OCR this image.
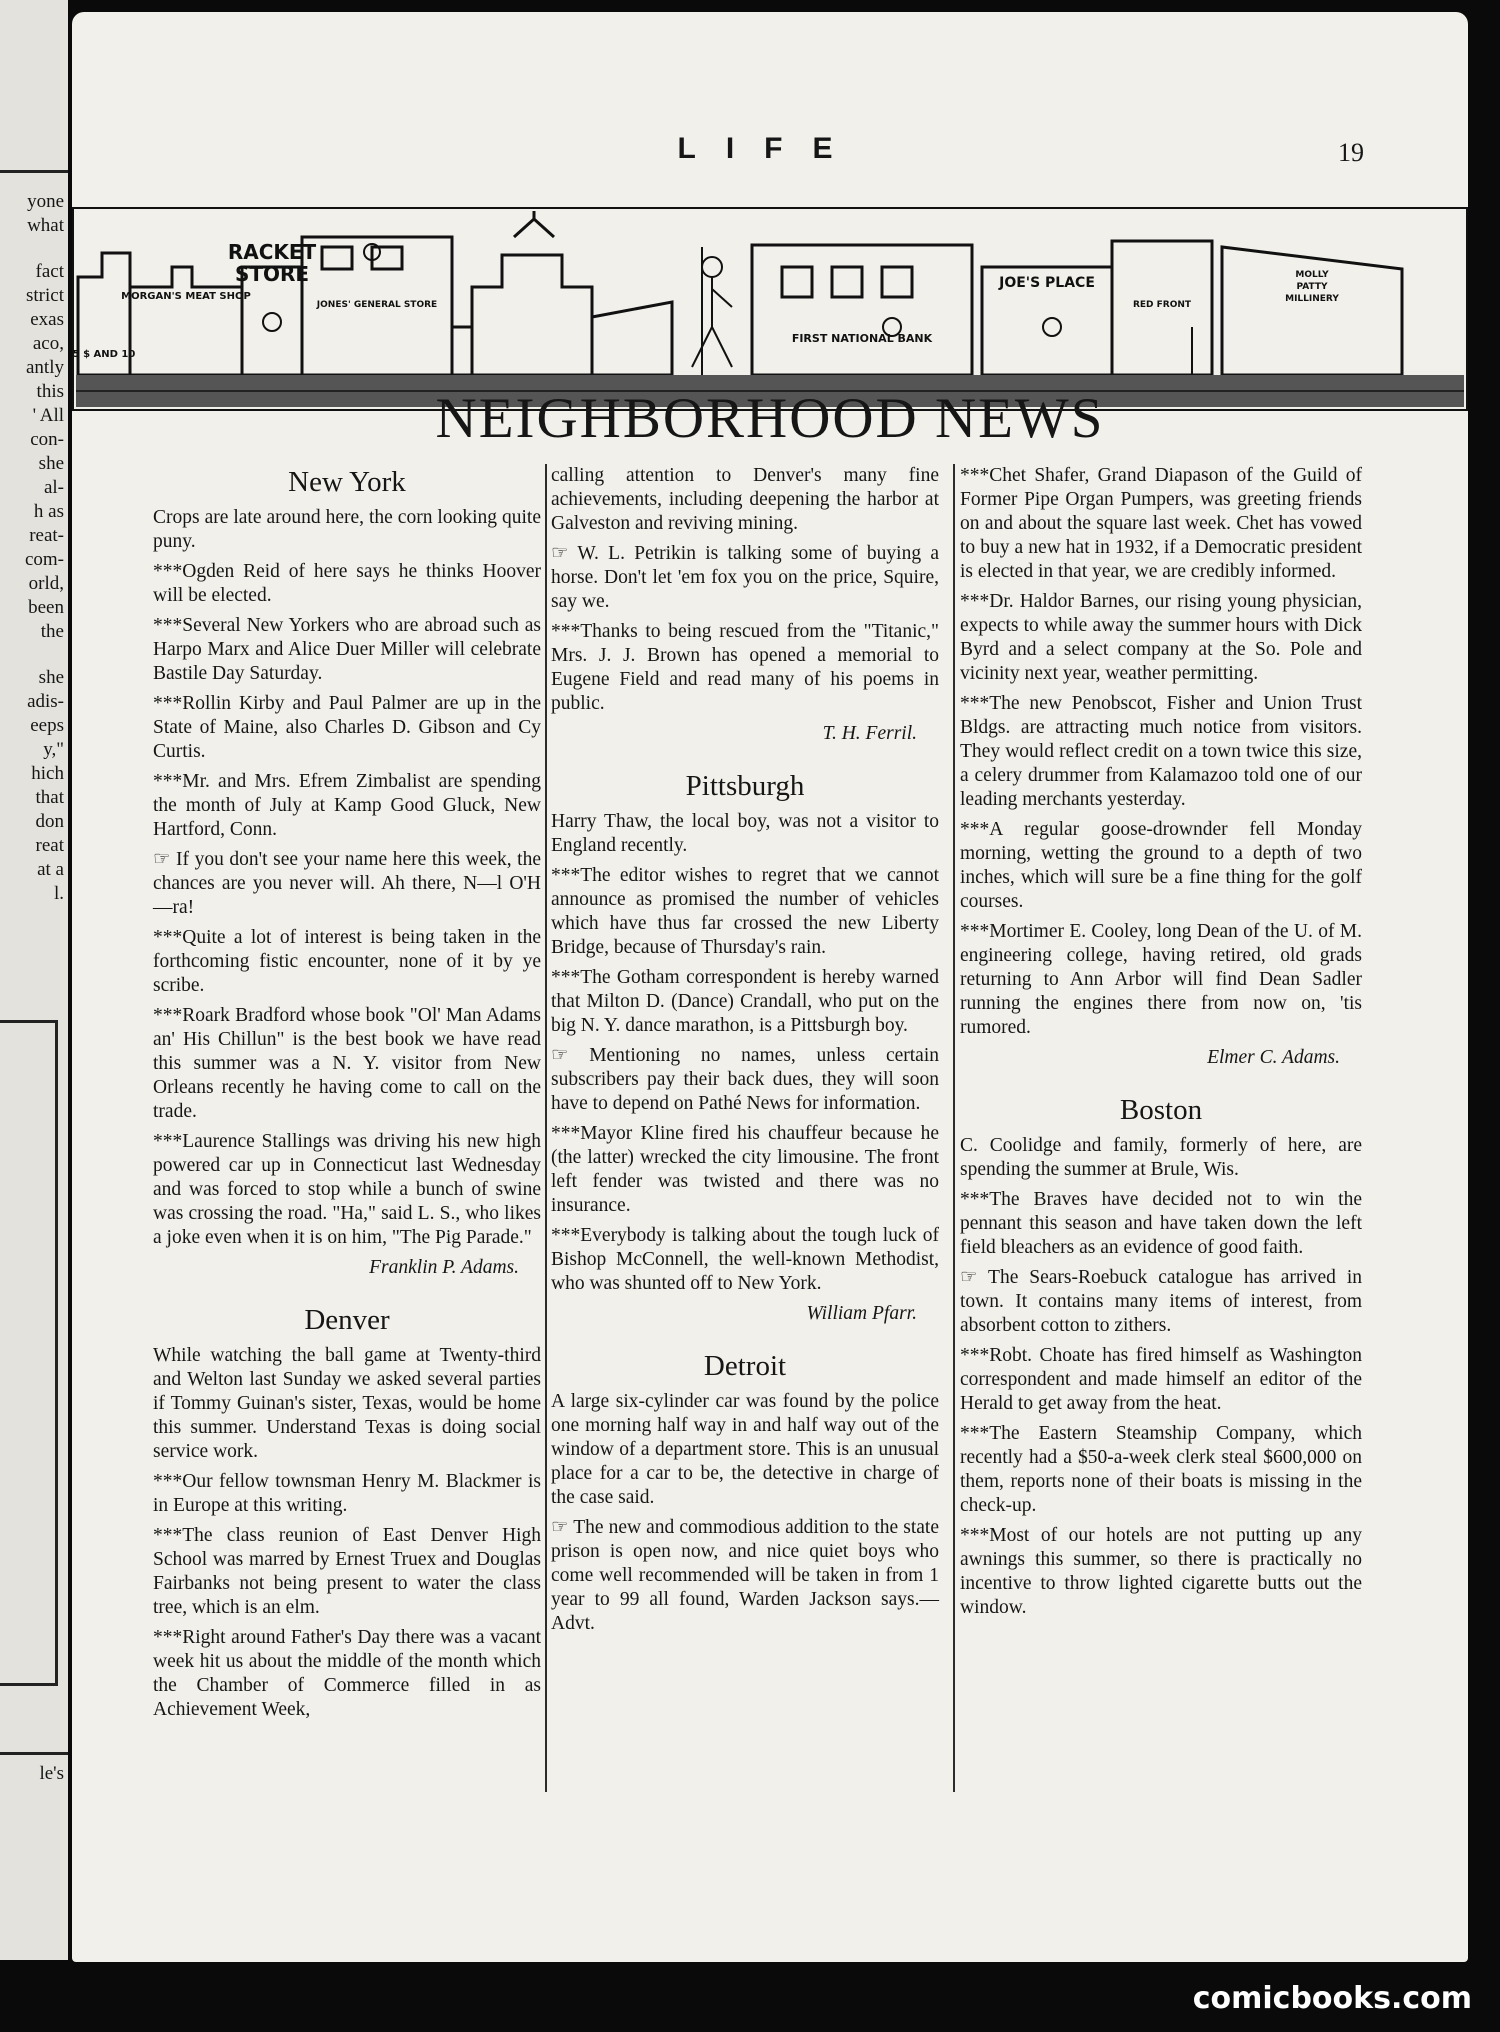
yone
what
fact
strict
exas
aco,
antly
this
' All
con-
she
al-
h as
reat-
com-
orld,
been
the
she
adis-
eeps
y,"
hich
that
don
reat
at a
l.
le's
LIFE	19
5 $ AND 10
MORGAN'S MEAT SHOP
RACKET
STORE
JONES' GENERAL STORE
FIRST NATIONAL BANK
JOE'S PLACE
RED FRONT
MOLLY
PATTY
MILLINERY
NEIGHBORHOOD NEWS
New York
Crops are late around here, the corn looking quite puny.
***Ogden Reid of here says he thinks Hoover will be elected.
***Several New Yorkers who are abroad such as Harpo Marx and Alice Duer Miller will celebrate Bastile Day Saturday.
***Rollin Kirby and Paul Palmer are up in the State of Maine, also Charles D. Gibson and Cy Curtis.
***Mr. and Mrs. Efrem Zimbalist are spending the month of July at Kamp Good Gluck, New Hartford, Conn.
☞ If you don't see your name here this week, the chances are you never will. Ah there, N—l O'H—ra!
***Quite a lot of interest is being taken in the forthcoming fistic encounter, none of it by ye scribe.
***Roark Bradford whose book "Ol' Man Adams an' His Chillun" is the best book we have read this summer was a N. Y. visitor from New Orleans recently he having come to call on the trade.
***Laurence Stallings was driving his new high powered car up in Connecticut last Wednesday and was forced to stop while a bunch of swine was crossing the road. "Ha," said L. S., who likes a joke even when it is on him, "The Pig Parade."
Franklin P. Adams.
Denver
While watching the ball game at Twenty-third and Welton last Sunday we asked several parties if Tommy Guinan's sister, Texas, would be home this summer. Understand Texas is doing social service work.
***Our fellow townsman Henry M. Blackmer is in Europe at this writing.
***The class reunion of East Denver High School was marred by Ernest Truex and Douglas Fairbanks not being present to water the class tree, which is an elm.
***Right around Father's Day there was a vacant week hit us about the middle of the month which the Chamber of Commerce filled in as Achievement Week,
calling attention to Denver's many fine achievements, including deepening the harbor at Galveston and reviving mining.
☞ W. L. Petrikin is talking some of buying a horse. Don't let 'em fox you on the price, Squire, say we.
***Thanks to being rescued from the "Titanic," Mrs. J. J. Brown has opened a memorial to Eugene Field and read many of his poems in public.
T. H. Ferril.
Pittsburgh
Harry Thaw, the local boy, was not a visitor to England recently.
***The editor wishes to regret that we cannot announce as promised the number of vehicles which have thus far crossed the new Liberty Bridge, because of Thursday's rain.
***The Gotham correspondent is hereby warned that Milton D. (Dance) Crandall, who put on the big N. Y. dance marathon, is a Pittsburgh boy.
☞ Mentioning no names, unless certain subscribers pay their back dues, they will soon have to depend on Pathé News for information.
***Mayor Kline fired his chauffeur because he (the latter) wrecked the city limousine. The front left fender was twisted and there was no insurance.
***Everybody is talking about the tough luck of Bishop McConnell, the well-known Methodist, who was shunted off to New York.
William Pfarr.
Detroit
A large six-cylinder car was found by the police one morning half way in and half way out of the window of a department store. This is an unusual place for a car to be, the detective in charge of the case said.
☞ The new and commodious addition to the state prison is open now, and nice quiet boys who come well recommended will be taken in from 1 year to 99 all found, Warden Jackson says.—Advt.
***Chet Shafer, Grand Diapason of the Guild of Former Pipe Organ Pumpers, was greeting friends on and about the square last week. Chet has vowed to buy a new hat in 1932, if a Democratic president is elected in that year, we are credibly informed.
***Dr. Haldor Barnes, our rising young physician, expects to while away the summer hours with Dick Byrd and a select company at the So. Pole and vicinity next year, weather permitting.
***The new Penobscot, Fisher and Union Trust Bldgs. are attracting much notice from visitors. They would reflect credit on a town twice this size, a celery drummer from Kalamazoo told one of our leading merchants yesterday.
***A regular goose-drownder fell Monday morning, wetting the ground to a depth of two inches, which will sure be a fine thing for the golf courses.
***Mortimer E. Cooley, long Dean of the U. of M. engineering college, having retired, old grads returning to Ann Arbor will find Dean Sadler running the engines there from now on, 'tis rumored.
Elmer C. Adams.
Boston
C. Coolidge and family, formerly of here, are spending the summer at Brule, Wis.
***The Braves have decided not to win the pennant this season and have taken down the left field bleachers as an evidence of good faith.
☞ The Sears-Roebuck catalogue has arrived in town. It contains many items of interest, from absorbent cotton to zithers.
***Robt. Choate has fired himself as Washington correspondent and made himself an editor of the Herald to get away from the heat.
***The Eastern Steamship Company, which recently had a $50-a-week clerk steal $600,000 on them, reports none of their boats is missing in the check-up.
***Most of our hotels are not putting up any awnings this summer, so there is practically no incentive to throw lighted cigarette butts out the window.
comicbooks.com
